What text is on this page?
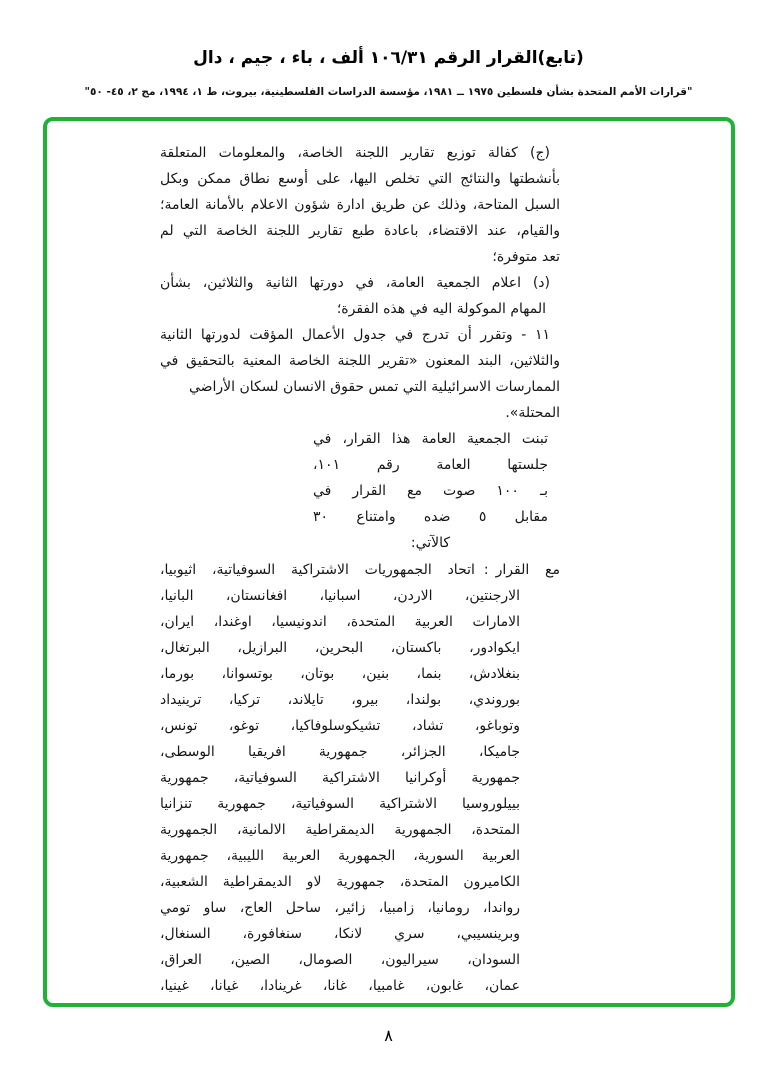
(تابع)القرار الرقم ١٠٦/٣١ ألف ، باء ، جيم ، دال
"قرارات الأمم المتحدة بشأن فلسطين ١٩٧٥ ــ ١٩٨١، مؤسسة الدراسات الفلسطينية، بيروت، ط ١، ١٩٩٤، مج ٢، ٤٥- ٥٠"
(ج) كفالة توزيع تقارير اللجنة الخاصة، والمعلومات المتعلقة
بأنشطتها والنتائج التي تخلص اليها، على أوسع نطاق ممكن وبكل
السبل المتاحة، وذلك عن طريق ادارة شؤون الاعلام بالأمانة العامة؛
والقيام، عند الاقتضاء، باعادة طبع تقارير اللجنة الخاصة التي لم
تعد متوفرة؛
(د) اعلام الجمعية العامة، في دورتها الثانية والثلاثين، بشأن
المهام الموكولة اليه في هذه الفقرة؛
١١ - وتقرر أن تدرج في جدول الأعمال المؤقت لدورتها الثانية
والثلاثين، البند المعنون «تقرير اللجنة الخاصة المعنية بالتحقيق في
الممارسات الاسرائيلية التي تمس حقوق الانسان لسكان الأراضي المحتلة».
تبنت الجمعية العامة هذا القرار، في
جلستها العامة رقم ١٠١،
بـ ١٠٠ صوت مع القرار في
مقابل ٥ ضده وامتناع ٣٠
كالآتي:
مع القرار:اتحاد الجمهوريات الاشتراكية السوفياتية، اثيوبيا،
الارجنتين، الاردن، اسبانيا، افغانستان، البانيا،
الامارات العربية المتحدة، اندونيسيا، اوغندا، ايران،
ايكوادور، باكستان، البحرين، البرازيل، البرتغال،
بنغلادش، بنما، بنين، بوتان، بوتسوانا، بورما،
بوروندي، بولندا، بيرو، تايلاند، تركيا، ترينيداد
وتوباغو، تشاد، تشيكوسلوفاكيا، توغو، تونس،
جاميكا، الجزائر، جمهورية افريقيا الوسطى،
جمهورية أوكرانيا الاشتراكية السوفياتية، جمهورية
بييلوروسيا الاشتراكية السوفياتية، جمهورية تنزانيا
المتحدة، الجمهورية الديمقراطية الالمانية، الجمهورية
العربية السورية، الجمهورية العربية الليبية، جمهورية
الكاميرون المتحدة، جمهورية لاو الديمقراطية الشعبية،
رواندا، رومانيا، زامبيا، زائير، ساحل العاج، ساو تومي
وبرينسيبي، سري لانكا، سنغافورة، السنغال،
السودان، سيراليون، الصومال، الصين، العراق،
عمان، غابون، غامبيا، غانا، غرينادا، غيانا، غينيا،
٨
